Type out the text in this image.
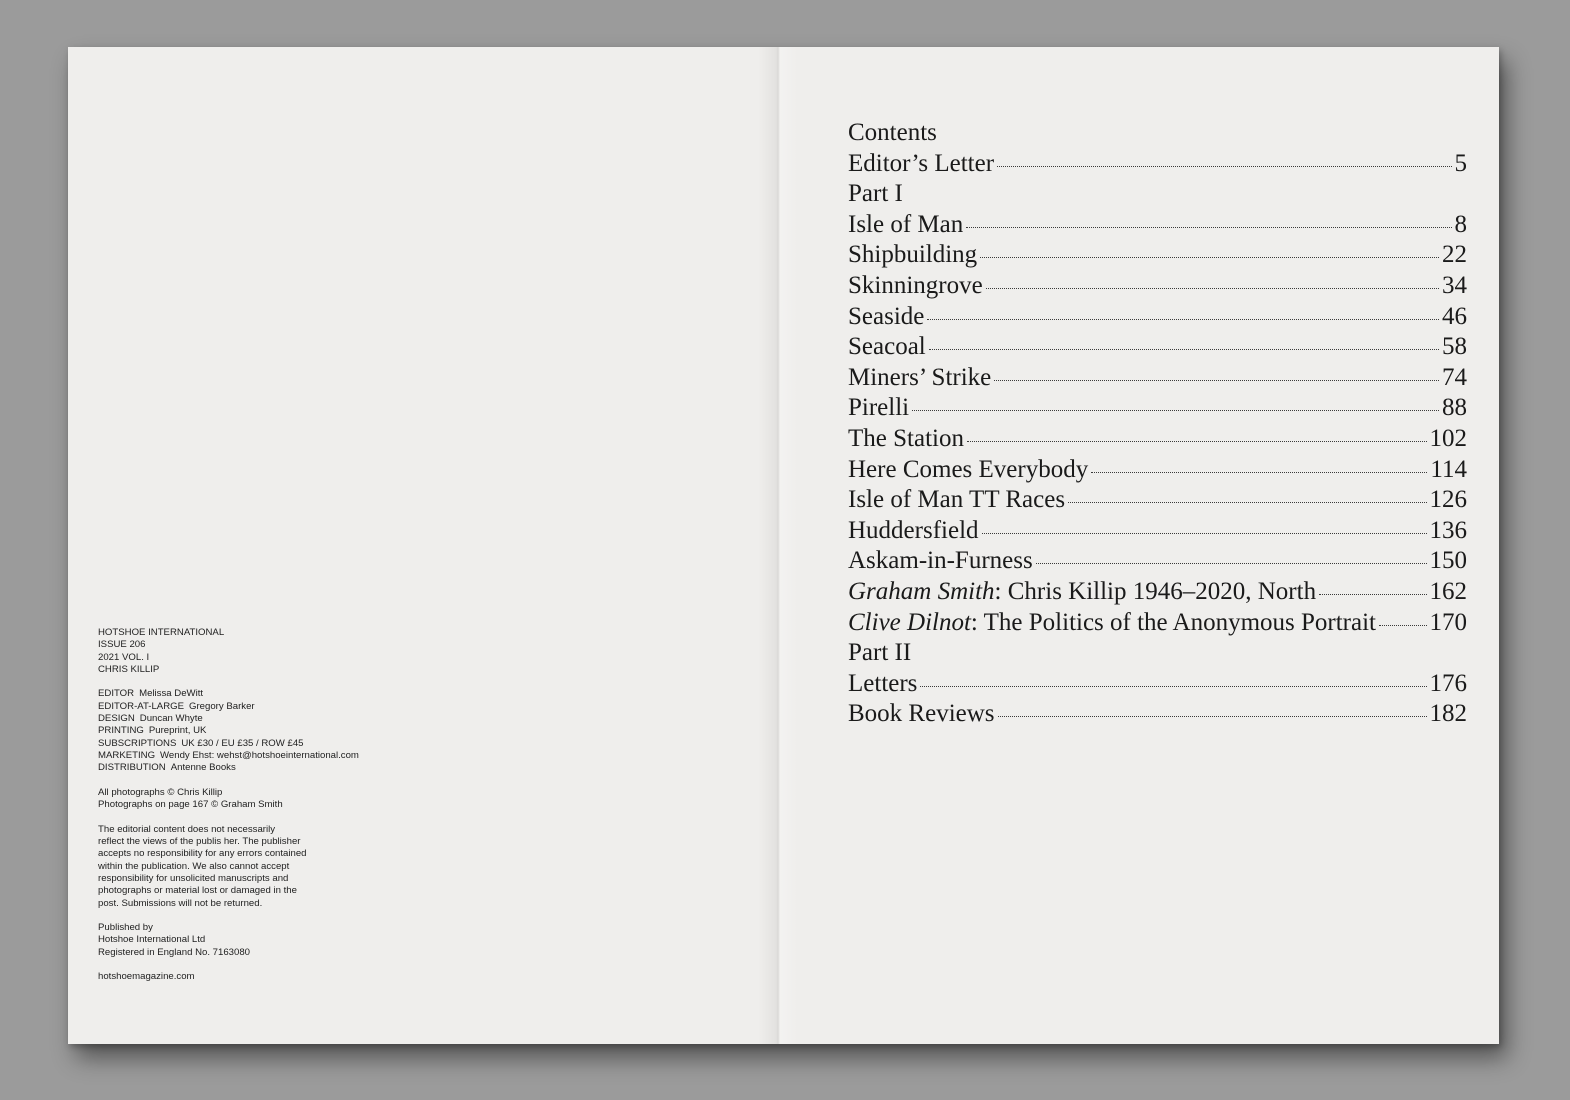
HOTSHOE INTERNATIONAL
ISSUE 206
2021 VOL. I
CHRIS KILLIP
EDITOR Melissa DeWitt
EDITOR-AT-LARGE Gregory Barker
DESIGN Duncan Whyte
PRINTING Pureprint, UK
SUBSCRIPTIONS UK £30 / EU £35 / ROW £45
MARKETING Wendy Ehst: wehst@hotshoeinternational.com
DISTRIBUTION Antenne Books
All photographs © Chris Killip
Photographs on page 167 © Graham Smith
The editorial content does not necessarily
reflect the views of the publis her. The publisher
accepts no responsibility for any errors contained
within the publication. We also cannot accept
responsibility for unsolicited manuscripts and
photographs or material lost or damaged in the
post. Submissions will not be returned.
Published by
Hotshoe International Ltd
Registered in England No. 7163080
hotshoemagazine.com
Contents
Editor’s Letter	5
Part I
Isle of Man	8
Shipbuilding	22
Skinningrove	34
Seaside	46
Seacoal	58
Miners’ Strike	74
Pirelli	88
The Station	102
Here Comes Everybody	114
Isle of Man TT Races	126
Huddersfield	136
Askam-in-Furness	150
Graham Smith: Chris Killip 1946–2020, North	162
Clive Dilnot: The Politics of the Anonymous Portrait 170
Part II
Letters	176
Book Reviews	182
